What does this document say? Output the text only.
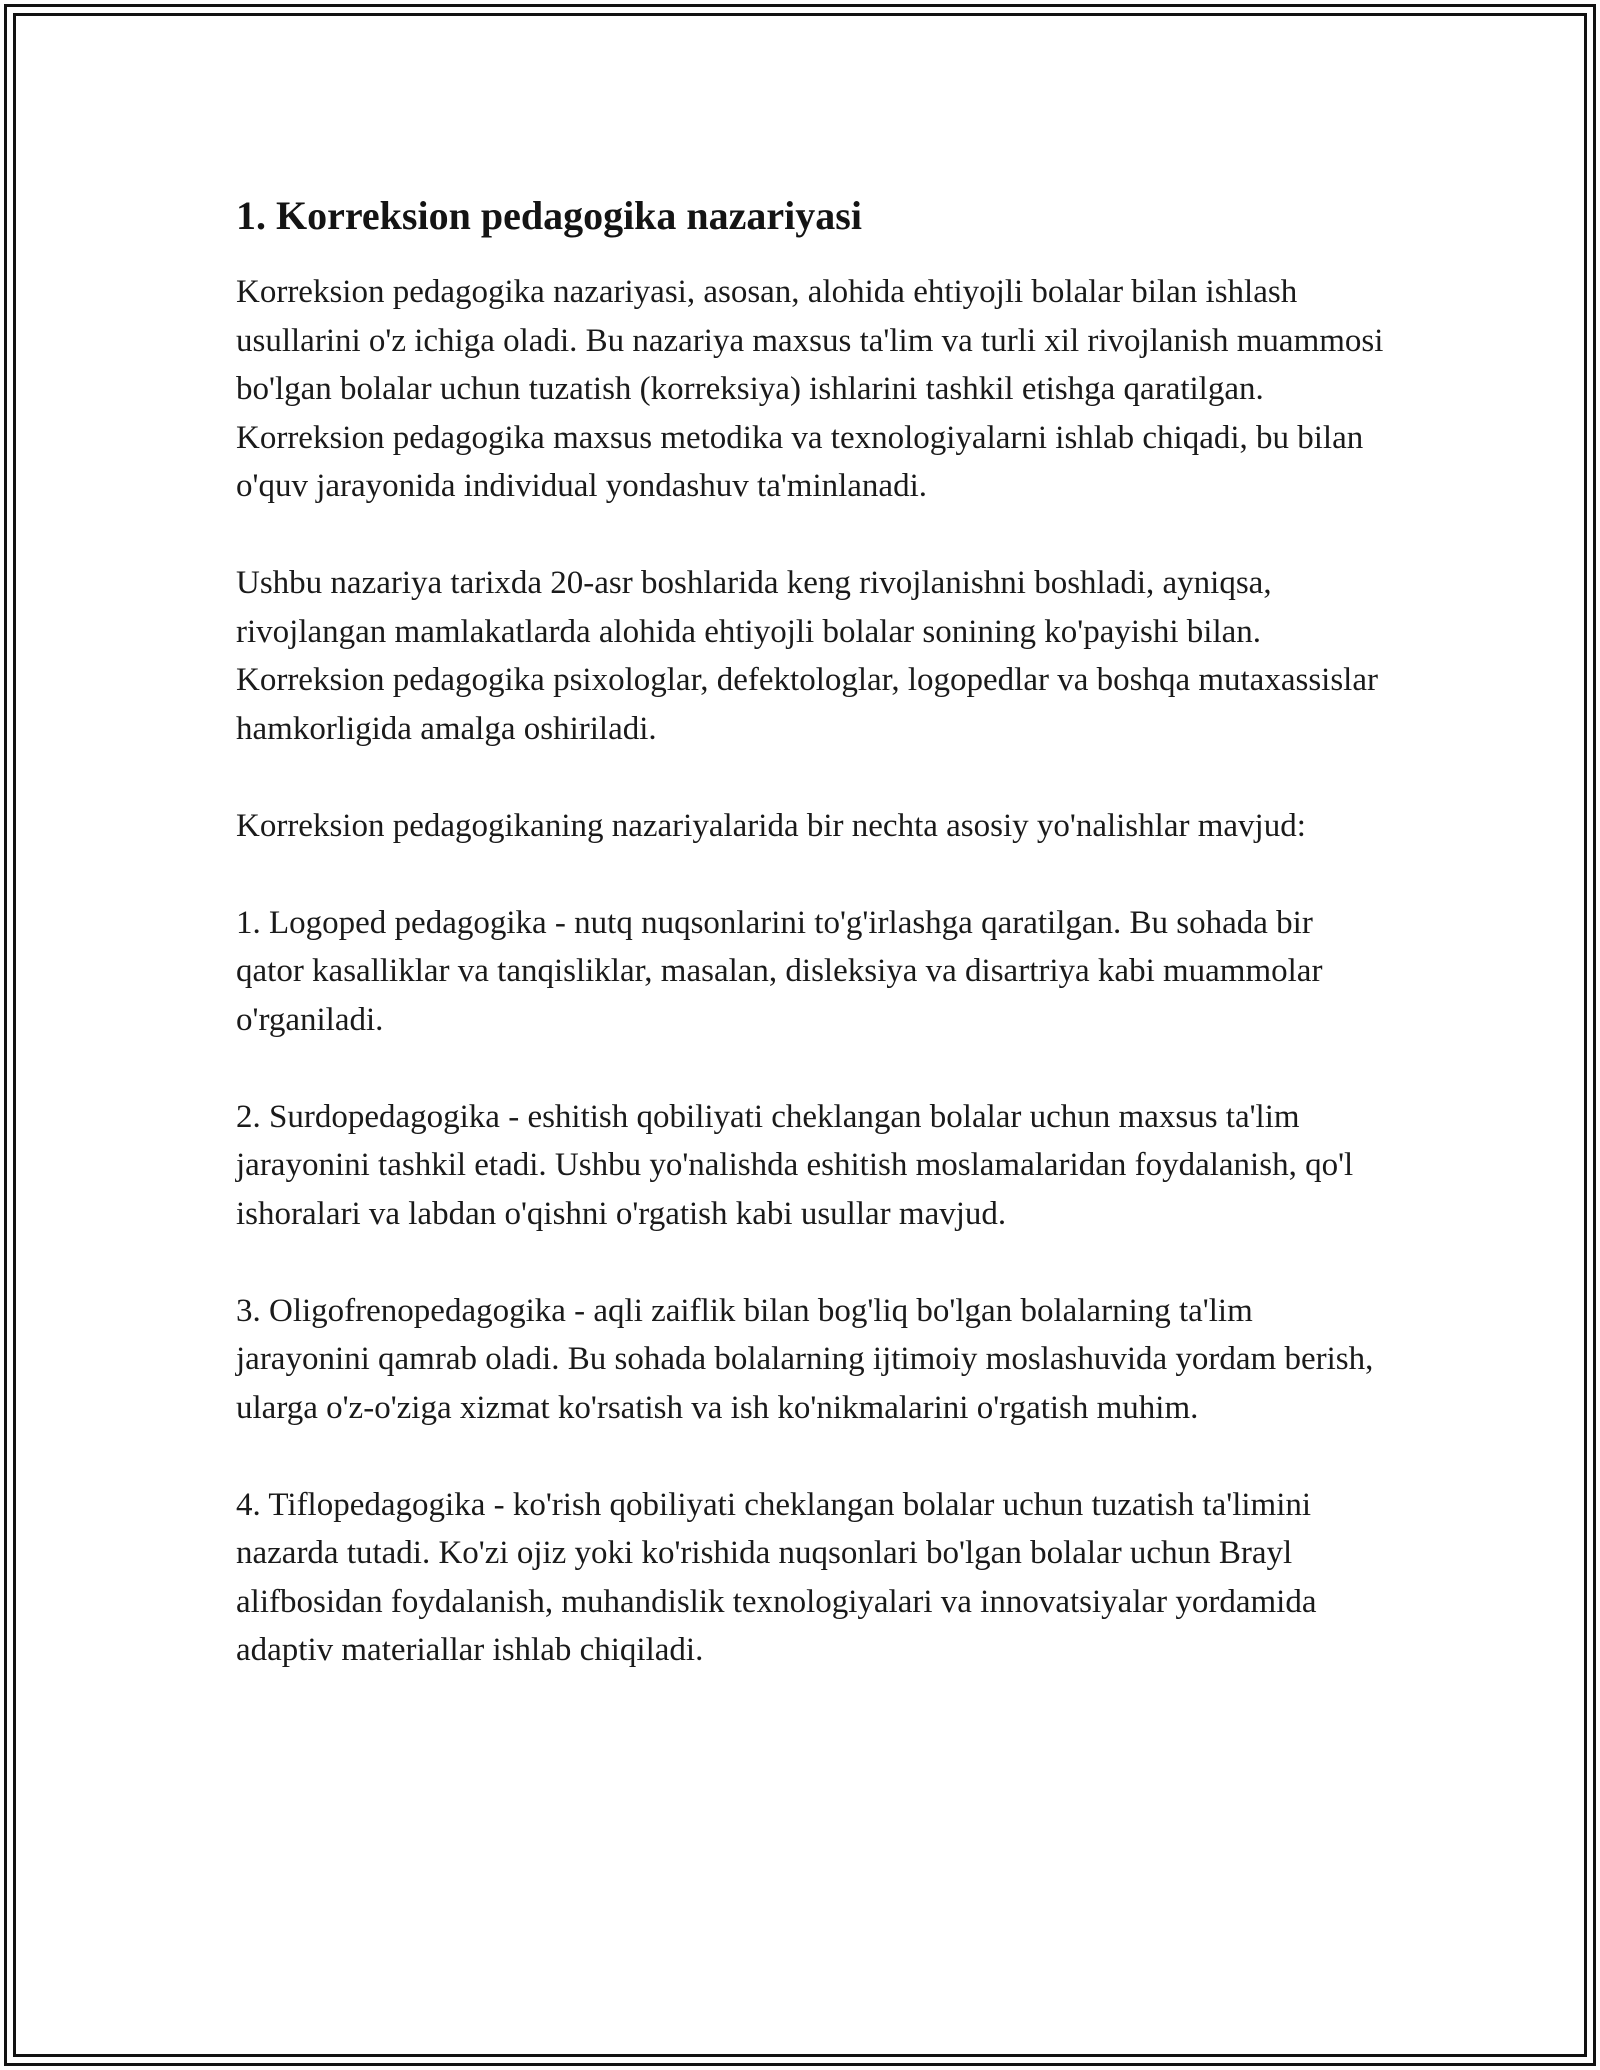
1. Korreksion pedagogika nazariyasi

Korreksion pedagogika nazariyasi, asosan, alohida ehtiyojli bolalar bilan ishlash usullarini o'z ichiga oladi. Bu nazariya maxsus ta'lim va turli xil rivojlanish muammosi bo'lgan bolalar uchun tuzatish (korreksiya) ishlarini tashkil etishga qaratilgan. Korreksion pedagogika maxsus metodika va texnologiyalarni ishlab chiqadi, bu bilan o'quv jarayonida individual yondashuv ta'minlanadi.

Ushbu nazariya tarixda 20-asr boshlarida keng rivojlanishni boshladi, ayniqsa, rivojlangan mamlakatlarda alohida ehtiyojli bolalar sonining ko'payishi bilan. Korreksion pedagogika psixologlar, defektologlar, logopedlar va boshqa mutaxassislar hamkorligida amalga oshiriladi.

Korreksion pedagogikaning nazariyalarida bir nechta asosiy yo'nalishlar mavjud:

1. Logoped pedagogika - nutq nuqsonlarini to'g'irlashga qaratilgan. Bu sohada bir qator kasalliklar va tanqisliklar, masalan, disleksiya va disartriya kabi muammolar o'rganiladi.

2. Surdopedagogika - eshitish qobiliyati cheklangan bolalar uchun maxsus ta'lim jarayonini tashkil etadi. Ushbu yo'nalishda eshitish moslamalaridan foydalanish, qo'l ishoralari va labdan o'qishni o'rgatish kabi usullar mavjud.

3. Oligofrenopedagogika - aqli zaiflik bilan bog'liq bo'lgan bolalarning ta'lim jarayonini qamrab oladi. Bu sohada bolalarning ijtimoiy moslashuvida yordam berish, ularga o'z-o'ziga xizmat ko'rsatish va ish ko'nikmalarini o'rgatish muhim.

4. Tiflopedagogika - ko'rish qobiliyati cheklangan bolalar uchun tuzatish ta'limini nazarda tutadi. Ko'zi ojiz yoki ko'rishida nuqsonlari bo'lgan bolalar uchun Brayl alifbosidan foydalanish, muhandislik texnologiyalari va innovatsiyalar yordamida adaptiv materiallar ishlab chiqiladi.
